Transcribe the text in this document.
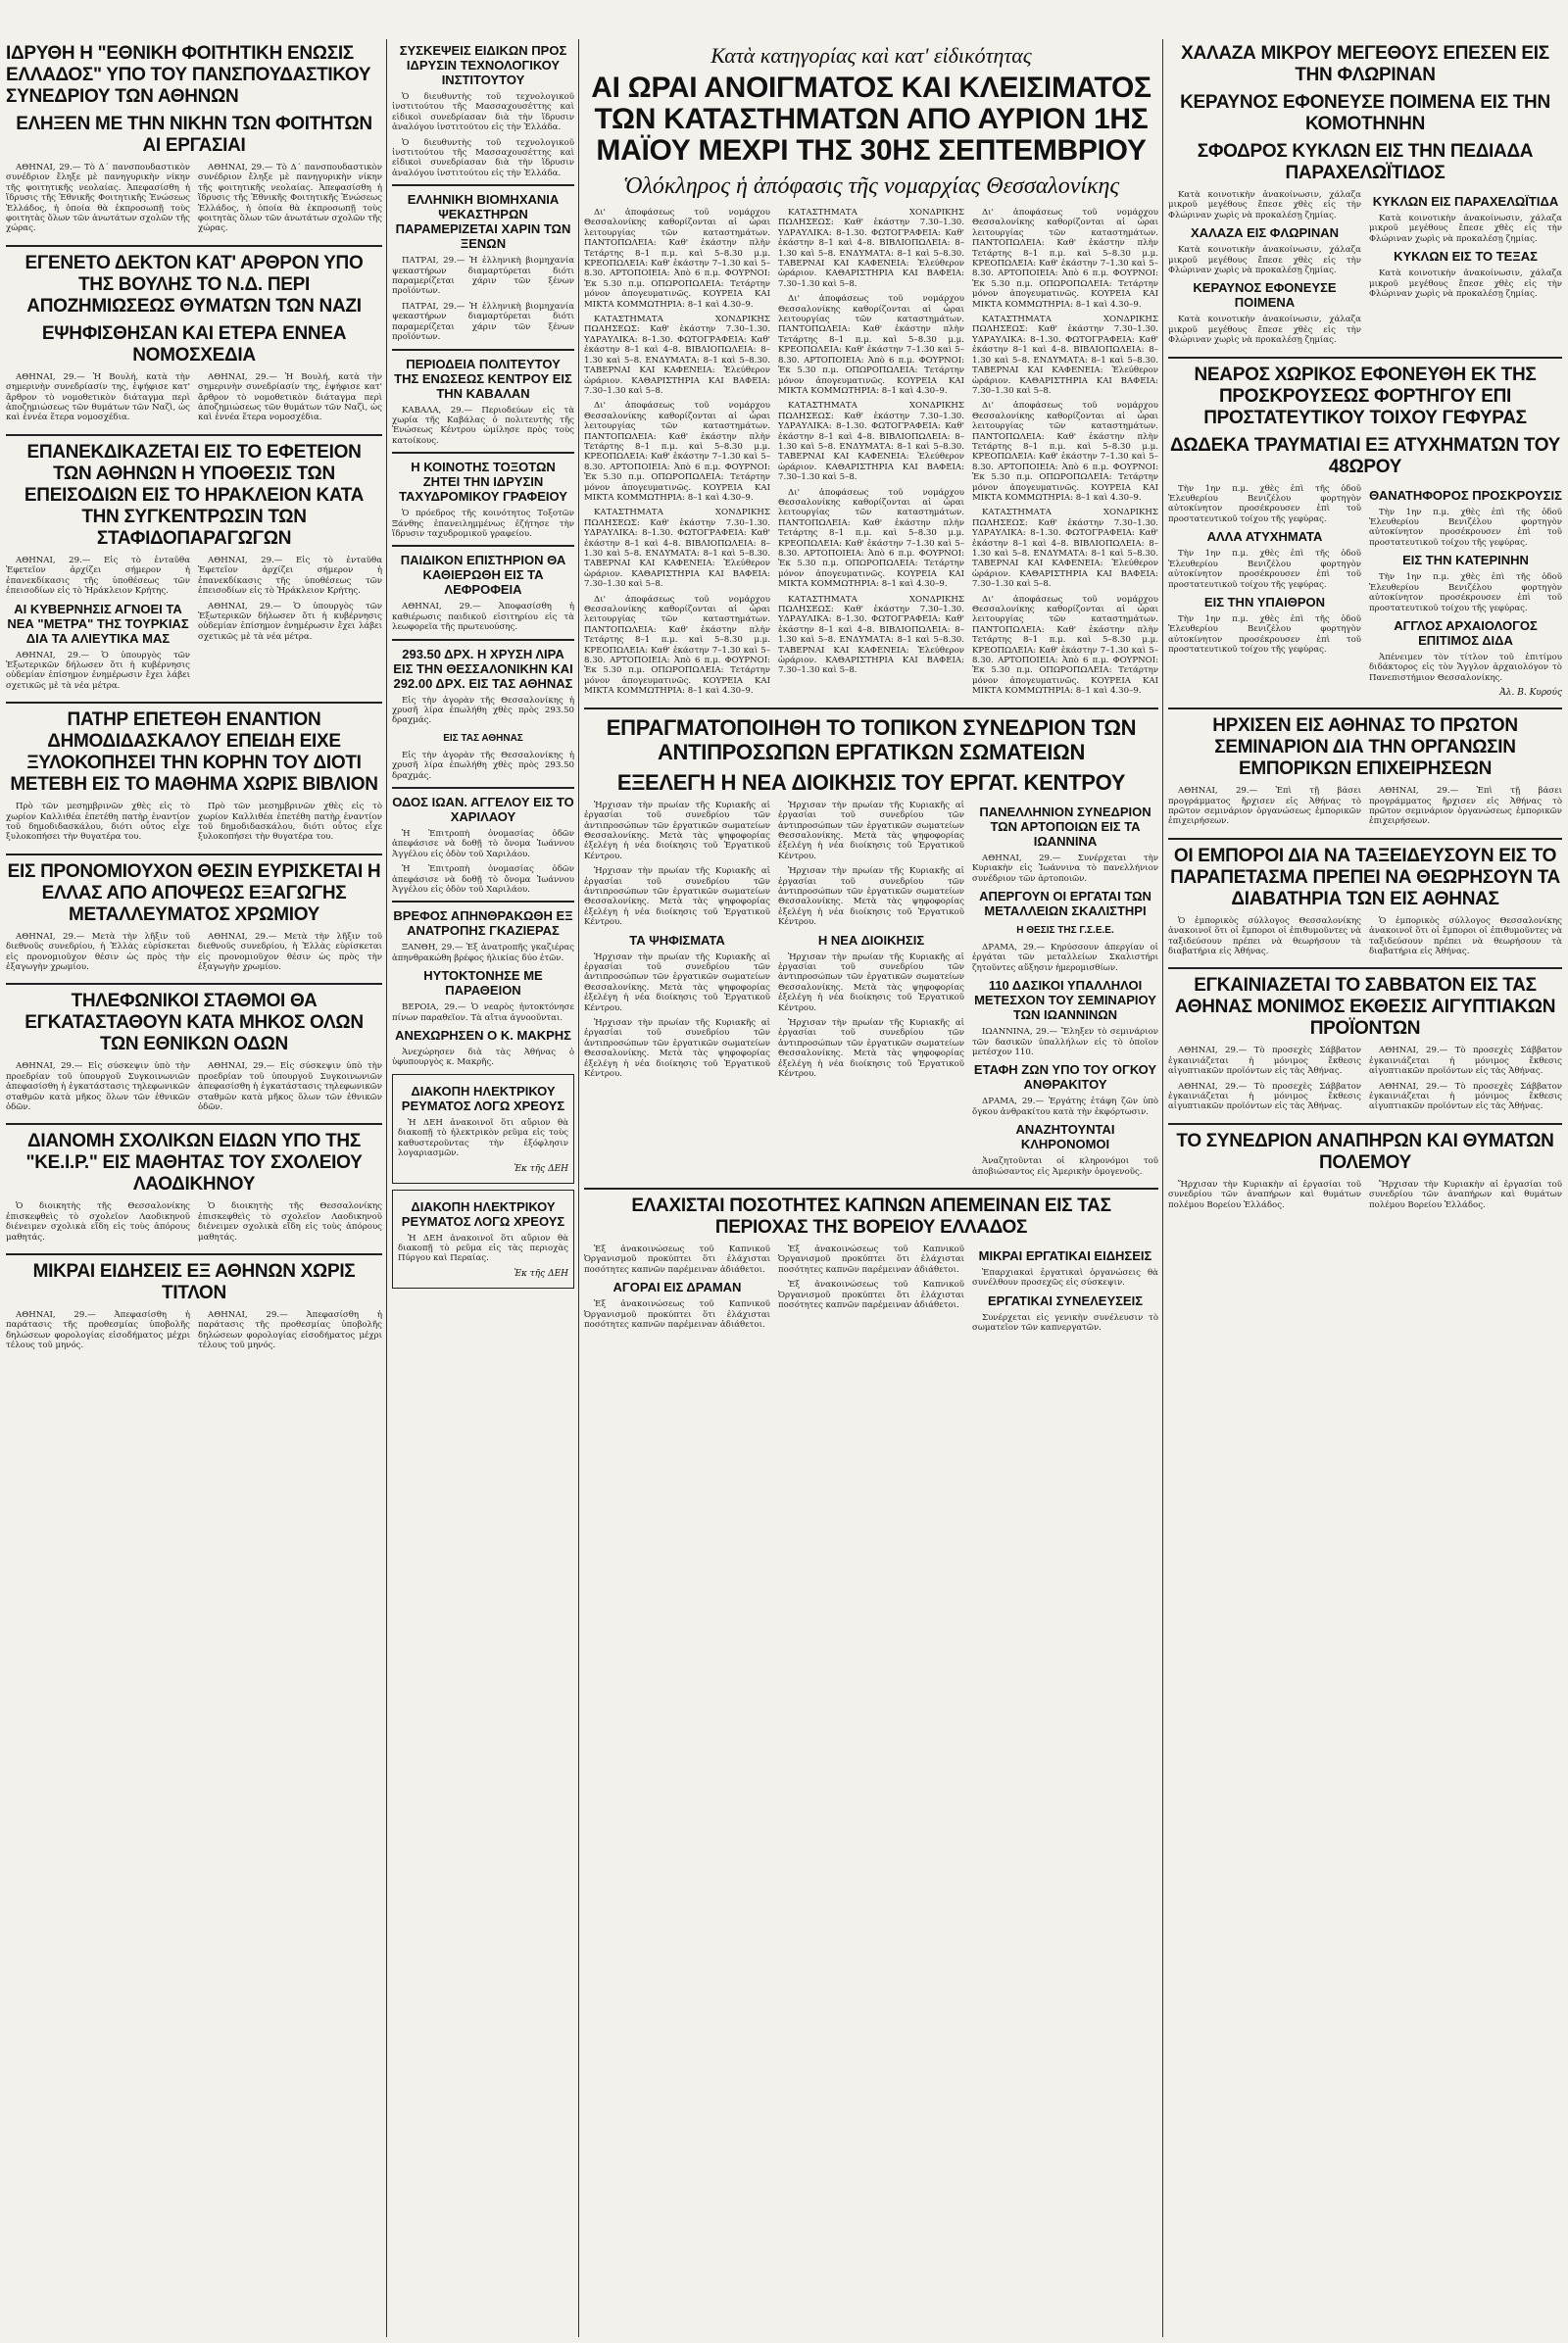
ΙΔΡΥΘΗ Η "ΕΘΝΙΚΗ ΦΟΙΤΗΤΙΚΗ ΕΝΩΣΙΣ ΕΛΛΑΔΟΣ" ΥΠΟ ΤΟΥ ΠΑΝΣΠΟΥΔΑΣΤΙΚΟΥ ΣΥΝΕΔΡΙΟΥ ΤΩΝ ΑΘΗΝΩΝ
ΕΛΗΞΕΝ ΜΕ ΤΗΝ ΝΙΚΗΝ ΤΩΝ ΦΟΙΤΗΤΩΝ ΑΙ ΕΡΓΑΣΙΑΙ

ΑΘΗΝΑΙ, 29.— Τὸ Δ΄ πανσπουδαστικὸν συνέδριον ἔληξε μὲ πανηγυρικὴν νίκην τῆς φοιτητικῆς νεολαίας. Ἀπεφασίσθη ἡ ἵδρυσις τῆς Ἐθνικῆς Φοιτητικῆς Ἑνώσεως Ἑλλάδος, ἡ ὁποία θὰ ἐκπροσωπῇ τοὺς φοιτητὰς ὅλων τῶν ἀνωτάτων σχολῶν τῆς χώρας.

ΑΘΗΝΑΙ, 29.— Τὸ Δ΄ πανσπουδαστικὸν συνέδριον ἔληξε μὲ πανηγυρικὴν νίκην τῆς φοιτητικῆς νεολαίας. Ἀπεφασίσθη ἡ ἵδρυσις τῆς Ἐθνικῆς Φοιτητικῆς Ἑνώσεως Ἑλλάδος, ἡ ὁποία θὰ ἐκπροσωπῇ τοὺς φοιτητὰς ὅλων τῶν ἀνωτάτων σχολῶν τῆς χώρας.

ΕΓΕΝΕΤΟ ΔΕΚΤΟΝ ΚΑΤ' ΑΡΘΡΟΝ ΥΠΟ ΤΗΣ ΒΟΥΛΗΣ ΤΟ Ν.Δ. ΠΕΡΙ ΑΠΟΖΗΜΙΩΣΕΩΣ ΘΥΜΑΤΩΝ ΤΩΝ ΝΑΖΙ
ΕΨΗΦΙΣΘΗΣΑΝ ΚΑΙ ΕΤΕΡΑ ΕΝΝΕΑ ΝΟΜΟΣΧΕΔΙΑ

ΑΘΗΝΑΙ, 29.— Ἡ Βουλή, κατὰ τὴν σημερινὴν συνεδρίασίν της, ἐψήφισε κατ' ἄρθρον τὸ νομοθετικὸν διάταγμα περὶ ἀποζημιώσεως τῶν θυμάτων τῶν Ναζὶ, ὡς καὶ ἐννέα ἕτερα νομοσχέδια.

ΑΘΗΝΑΙ, 29.— Ἡ Βουλή, κατὰ τὴν σημερινὴν συνεδρίασίν της, ἐψήφισε κατ' ἄρθρον τὸ νομοθετικὸν διάταγμα περὶ ἀποζημιώσεως τῶν θυμάτων τῶν Ναζὶ, ὡς καὶ ἐννέα ἕτερα νομοσχέδια.

ΕΠΑΝΕΚΔΙΚΑΖΕΤΑΙ ΕΙΣ ΤΟ ΕΦΕΤΕΙΟΝ ΤΩΝ ΑΘΗΝΩΝ Η ΥΠΟΘΕΣΙΣ ΤΩΝ ΕΠΕΙΣΟΔΙΩΝ ΕΙΣ ΤΟ ΗΡΑΚΛΕΙΟΝ ΚΑΤΑ ΤΗΝ ΣΥΓΚΕΝΤΡΩΣΙΝ ΤΩΝ ΣΤΑΦΙΔΟΠΑΡΑΓΩΓΩΝ

ΑΘΗΝΑΙ, 29.— Εἰς τὸ ἐνταῦθα Ἐφετεῖον ἀρχίζει σήμερον ἡ ἐπανεκδίκασις τῆς ὑποθέσεως τῶν ἐπεισοδίων εἰς τὸ Ἡράκλειον Κρήτης.

ΑΙ ΚΥΒΕΡΝΗΣΙΣ ΑΓΝΟΕΙ ΤΑ ΝΕΑ "ΜΕΤΡΑ" ΤΗΣ ΤΟΥΡΚΙΑΣ ΔΙΑ ΤΑ ΑΛΙΕΥΤΙΚΑ ΜΑΣ

ΑΘΗΝΑΙ, 29.— Ὁ ὑπουργὸς τῶν Ἐξωτερικῶν δήλωσεν ὅτι ἡ κυβέρνησις οὐδεμίαν ἐπίσημον ἐνημέρωσιν ἔχει λάβει σχετικῶς μὲ τὰ νέα μέτρα.

ΑΘΗΝΑΙ, 29.— Εἰς τὸ ἐνταῦθα Ἐφετεῖον ἀρχίζει σήμερον ἡ ἐπανεκδίκασις τῆς ὑποθέσεως τῶν ἐπεισοδίων εἰς τὸ Ἡράκλειον Κρήτης.

ΑΘΗΝΑΙ, 29.— Ὁ ὑπουργὸς τῶν Ἐξωτερικῶν δήλωσεν ὅτι ἡ κυβέρνησις οὐδεμίαν ἐπίσημον ἐνημέρωσιν ἔχει λάβει σχετικῶς μὲ τὰ νέα μέτρα.

ΠΑΤΗΡ ΕΠΕΤΕΘΗ ΕΝΑΝΤΙΟΝ ΔΗΜΟΔΙΔΑΣΚΑΛΟΥ ΕΠΕΙΔΗ ΕΙΧΕ ΞΥΛΟΚΟΠΗΣΕΙ ΤΗΝ ΚΟΡΗΝ ΤΟΥ ΔΙΟΤΙ ΜΕΤΕΒΗ ΕΙΣ ΤΟ ΜΑΘΗΜΑ ΧΩΡΙΣ ΒΙΒΛΙΟΝ

Πρὸ τῶν μεσημβρινῶν χθὲς εἰς τὸ χωρίον Καλλιθέα ἐπετέθη πατὴρ ἐναντίον τοῦ δημοδιδασκάλου, διότι οὗτος εἶχε ξυλοκοπήσει τὴν θυγατέρα του.

Πρὸ τῶν μεσημβρινῶν χθὲς εἰς τὸ χωρίον Καλλιθέα ἐπετέθη πατὴρ ἐναντίον τοῦ δημοδιδασκάλου, διότι οὗτος εἶχε ξυλοκοπήσει τὴν θυγατέρα του.

ΕΙΣ ΠΡΟΝΟΜΙΟΥΧΟΝ ΘΕΣΙΝ ΕΥΡΙΣΚΕΤΑΙ Η ΕΛΛΑΣ ΑΠΟ ΑΠΟΨΕΩΣ ΕΞΑΓΩΓΗΣ ΜΕΤΑΛΛΕΥΜΑΤΟΣ ΧΡΩΜΙΟΥ

ΑΘΗΝΑΙ, 29.— Μετὰ τὴν λῆξιν τοῦ διεθνοῦς συνεδρίου, ἡ Ἑλλὰς εὑρίσκεται εἰς προνομιοῦχον θέσιν ὡς πρὸς τὴν ἐξαγωγὴν χρωμίου.

ΑΘΗΝΑΙ, 29.— Μετὰ τὴν λῆξιν τοῦ διεθνοῦς συνεδρίου, ἡ Ἑλλὰς εὑρίσκεται εἰς προνομιοῦχον θέσιν ὡς πρὸς τὴν ἐξαγωγὴν χρωμίου.

ΤΗΛΕΦΩΝΙΚΟΙ ΣΤΑΘΜΟΙ ΘΑ ΕΓΚΑΤΑΣΤΑΘΟΥΝ ΚΑΤΑ ΜΗΚΟΣ ΟΛΩΝ ΤΩΝ ΕΘΝΙΚΩΝ ΟΔΩΝ

ΑΘΗΝΑΙ, 29.— Εἰς σύσκεψιν ὑπὸ τὴν προεδρίαν τοῦ ὑπουργοῦ Συγκοινωνιῶν ἀπεφασίσθη ἡ ἐγκατάστασις τηλεφωνικῶν σταθμῶν κατὰ μῆκος ὅλων τῶν ἐθνικῶν ὁδῶν.

ΑΘΗΝΑΙ, 29.— Εἰς σύσκεψιν ὑπὸ τὴν προεδρίαν τοῦ ὑπουργοῦ Συγκοινωνιῶν ἀπεφασίσθη ἡ ἐγκατάστασις τηλεφωνικῶν σταθμῶν κατὰ μῆκος ὅλων τῶν ἐθνικῶν ὁδῶν.

ΔΙΑΝΟΜΗ ΣΧΟΛΙΚΩΝ ΕΙΔΩΝ ΥΠΟ ΤΗΣ "ΚΕ.Ι.Ρ." ΕΙΣ ΜΑΘΗΤΑΣ ΤΟΥ ΣΧΟΛΕΙΟΥ ΛΑΟΔΙΚΗΝΟΥ

Ὁ διοικητὴς τῆς Θεσσαλονίκης ἐπισκεφθεὶς τὸ σχολεῖον Λαοδικηνοῦ διένειμεν σχολικὰ εἴδη εἰς τοὺς ἀπόρους μαθητάς.

Ὁ διοικητὴς τῆς Θεσσαλονίκης ἐπισκεφθεὶς τὸ σχολεῖον Λαοδικηνοῦ διένειμεν σχολικὰ εἴδη εἰς τοὺς ἀπόρους μαθητάς.

ΜΙΚΡΑΙ ΕΙΔΗΣΕΙΣ ΕΞ ΑΘΗΝΩΝ ΧΩΡΙΣ ΤΙΤΛΟΝ

ΑΘΗΝΑΙ, 29.— Ἀπεφασίσθη ἡ παράτασις τῆς προθεσμίας ὑποβολῆς δηλώσεων φορολογίας εἰσοδήματος μέχρι τέλους τοῦ μηνός.

ΑΘΗΝΑΙ, 29.— Ἀπεφασίσθη ἡ παράτασις τῆς προθεσμίας ὑποβολῆς δηλώσεων φορολογίας εἰσοδήματος μέχρι τέλους τοῦ μηνός.

ΣΥΣΚΕΨΕΙΣ ΕΙΔΙΚΩΝ ΠΡΟΣ ΙΔΡΥΣΙΝ ΤΕΧΝΟΛΟΓΙΚΟΥ ΙΝΣΤΙΤΟΥΤΟΥ

Ὁ διευθυντὴς τοῦ τεχνολογικοῦ ἰνστιτούτου τῆς Μασσαχουσέττης καὶ εἰδικοὶ συνεδρίασαν διὰ τὴν ἵδρυσιν ἀναλόγου ἰνστιτούτου εἰς τὴν Ἑλλάδα.

Ὁ διευθυντὴς τοῦ τεχνολογικοῦ ἰνστιτούτου τῆς Μασσαχουσέττης καὶ εἰδικοὶ συνεδρίασαν διὰ τὴν ἵδρυσιν ἀναλόγου ἰνστιτούτου εἰς τὴν Ἑλλάδα.

ΕΛΛΗΝΙΚΗ ΒΙΟΜΗΧΑΝΙΑ ΨΕΚΑΣΤΗΡΩΝ ΠΑΡΑΜΕΡΙΖΕΤΑΙ ΧΑΡΙΝ ΤΩΝ ΞΕΝΩΝ

ΠΑΤΡΑΙ, 29.— Ἡ ἑλληνικὴ βιομηχανία ψεκαστήρων διαμαρτύρεται διότι παραμερίζεται χάριν τῶν ξένων προϊόντων.

ΠΑΤΡΑΙ, 29.— Ἡ ἑλληνικὴ βιομηχανία ψεκαστήρων διαμαρτύρεται διότι παραμερίζεται χάριν τῶν ξένων προϊόντων.

ΠΕΡΙΟΔΕΙΑ ΠΟΛΙΤΕΥΤΟΥ ΤΗΣ ΕΝΩΣΕΩΣ ΚΕΝΤΡΟΥ ΕΙΣ ΤΗΝ ΚΑΒΑΛΑΝ

ΚΑΒΑΛΑ, 29.— Περιοδεύων εἰς τὰ χωρία τῆς Καβάλας ὁ πολιτευτὴς τῆς Ἐνώσεως Κέντρου ὡμίλησε πρὸς τοὺς κατοίκους.

Η ΚΟΙΝΟΤΗΣ ΤΟΞΟΤΩΝ ΖΗΤΕΙ ΤΗΝ ΙΔΡΥΣΙΝ ΤΑΧΥΔΡΟΜΙΚΟΥ ΓΡΑΦΕΙΟΥ

Ὁ πρόεδρος τῆς κοινότητος Τοξοτῶν Ξάνθης ἐπανειλημμένως ἐζήτησε τὴν ἵδρυσιν ταχυδρομικοῦ γραφείου.

ΠΑΙΔΙΚΟΝ ΕΠΙΣΤΗΡΙΟΝ ΘΑ ΚΑΘΙΕΡΩΘΗ ΕΙΣ ΤΑ ΛΕΦΡΟΦΕΙΑ

ΑΘΗΝΑΙ, 29.— Ἀποφασίσθη ἡ καθιέρωσις παιδικοῦ εἰσιτηρίου εἰς τὰ λεωφορεῖα τῆς πρωτευούσης.

293.50 ΔΡΧ. Η ΧΡΥΣΗ ΛΙΡΑ ΕΙΣ ΤΗΝ ΘΕΣΣΑΛΟΝΙΚΗΝ ΚΑΙ 292.00 ΔΡΧ. ΕΙΣ ΤΑΣ ΑΘΗΝΑΣ

Εἰς τὴν ἀγορὰν τῆς Θεσσαλονίκης ἡ χρυσῆ λίρα ἐπωλήθη χθὲς πρὸς 293.50 δραχμάς.

ΕΙΣ ΤΑΣ ΑΘΗΝΑΣ

Εἰς τὴν ἀγορὰν τῆς Θεσσαλονίκης ἡ χρυσῆ λίρα ἐπωλήθη χθὲς πρὸς 293.50 δραχμάς.

ΟΔΟΣ ΙΩΑΝ. ΑΓΓΕΛΟΥ ΕΙΣ ΤΟ ΧΑΡΙΛΑΟΥ

Ἡ Ἐπιτροπὴ ὀνομασίας ὁδῶν ἀπεφάσισε νὰ δοθῇ τὸ ὄνομα Ἰωάννου Ἀγγέλου εἰς ὁδὸν τοῦ Χαριλάου.

Ἡ Ἐπιτροπὴ ὀνομασίας ὁδῶν ἀπεφάσισε νὰ δοθῇ τὸ ὄνομα Ἰωάννου Ἀγγέλου εἰς ὁδὸν τοῦ Χαριλάου.

ΒΡΕΦΟΣ ΑΠΗΝΘΡΑΚΩΘΗ ΕΞ ΑΝΑΤΡΟΠΗΣ ΓΚΑΖΙΕΡΑΣ

ΞΑΝΘΗ, 29.— Ἐξ ἀνατροπῆς γκαζιέρας ἀπηνθρακώθη βρέφος ἡλικίας δύο ἐτῶν.

ΗΥΤΟΚΤΟΝΗΣΕ ΜΕ ΠΑΡΑΘΕΙΟΝ

ΒΕΡΟΙΑ, 29.— Ὁ νεαρὸς ἠυτοκτόνησε πίνων παραθεῖον. Τὰ αἴτια ἀγνοοῦνται.

ΑΝΕΧΩΡΗΣΕΝ Ο Κ. ΜΑΚΡΗΣ

Ἀνεχώρησεν διὰ τὰς Ἀθήνας ὁ ὑφυπουργὸς κ. Μακρῆς.

ΔΙΑΚΟΠΗ ΗΛΕΚΤΡΙΚΟΥ ΡΕΥΜΑΤΟΣ ΛΟΓΩ ΧΡΕΟΥΣ

Ἡ ΔΕΗ ἀνακοινοῖ ὅτι αὔριον θὰ διακοπῇ τὸ ἠλεκτρικὸν ρεῦμα εἰς τοὺς καθυστεροῦντας τὴν ἐξόφλησιν λογαριασμῶν.

Ἐκ τῆς ΔΕΗ
ΔΙΑΚΟΠΗ ΗΛΕΚΤΡΙΚΟΥ ΡΕΥΜΑΤΟΣ ΛΟΓΩ ΧΡΕΟΥΣ

Ἡ ΔΕΗ ἀνακοινοῖ ὅτι αὔριον θὰ διακοπῇ τὸ ρεῦμα εἰς τὰς περιοχὰς Πύργου καὶ Περαίας.

Ἐκ τῆς ΔΕΗ
Κατὰ κατηγορίας καὶ κατ' εἰδικότητας
ΑΙ ΩΡΑΙ ΑΝΟΙΓΜΑΤΟΣ ΚΑΙ ΚΛΕΙΣΙΜΑΤΟΣ ΤΩΝ ΚΑΤΑΣΤΗΜΑΤΩΝ ΑΠΟ ΑΥΡΙΟΝ 1ΗΣ ΜΑΪΟΥ ΜΕΧΡΙ ΤΗΣ 30ΗΣ ΣΕΠΤΕΜΒΡΙΟΥ
Ὁλόκληρος ἡ ἀπόφασις τῆς νομαρχίας Θεσσαλονίκης

Δι' ἀποφάσεως τοῦ νομάρχου Θεσσαλονίκης καθορίζονται αἱ ὧραι λειτουργίας τῶν καταστημάτων. ΠΑΝΤΟΠΩΛΕΙΑ: Καθ' ἑκάστην πλὴν Τετάρτης 8–1 π.μ. καὶ 5–8.30 μ.μ. ΚΡΕΟΠΩΛΕΙΑ: Καθ' ἑκάστην 7–1.30 καὶ 5–8.30. ΑΡΤΟΠΟΙΕΙΑ: Ἀπὸ 6 π.μ. ΦΟΥΡΝΟΙ: Ἐκ 5.30 π.μ. ΟΠΩΡΟΠΩΛΕΙΑ: Τετάρτην μόνον ἀπογευματινῶς. ΚΟΥΡΕΙΑ ΚΑΙ ΜΙΚΤΑ ΚΟΜΜΩΤΗΡΙΑ: 8–1 καὶ 4.30–9.

ΚΑΤΑΣΤΗΜΑΤΑ ΧΟΝΔΡΙΚΗΣ ΠΩΛΗΣΕΩΣ: Καθ' ἑκάστην 7.30–1.30. ΥΔΡΑΥΛΙΚΑ: 8–1.30. ΦΩΤΟΓΡΑΦΕΙΑ: Καθ' ἑκάστην 8–1 καὶ 4–8. ΒΙΒΛΙΟΠΩΛΕΙΑ: 8–1.30 καὶ 5–8. ΕΝΔΥΜΑΤΑ: 8–1 καὶ 5–8.30. ΤΑΒΕΡΝΑΙ ΚΑΙ ΚΑΦΕΝΕΙΑ: Ἐλεύθερον ὡράριον. ΚΑΘΑΡΙΣΤΗΡΙΑ ΚΑΙ ΒΑΦΕΙΑ: 7.30–1.30 καὶ 5–8.

Δι' ἀποφάσεως τοῦ νομάρχου Θεσσαλονίκης καθορίζονται αἱ ὧραι λειτουργίας τῶν καταστημάτων. ΠΑΝΤΟΠΩΛΕΙΑ: Καθ' ἑκάστην πλὴν Τετάρτης 8–1 π.μ. καὶ 5–8.30 μ.μ. ΚΡΕΟΠΩΛΕΙΑ: Καθ' ἑκάστην 7–1.30 καὶ 5–8.30. ΑΡΤΟΠΟΙΕΙΑ: Ἀπὸ 6 π.μ. ΦΟΥΡΝΟΙ: Ἐκ 5.30 π.μ. ΟΠΩΡΟΠΩΛΕΙΑ: Τετάρτην μόνον ἀπογευματινῶς. ΚΟΥΡΕΙΑ ΚΑΙ ΜΙΚΤΑ ΚΟΜΜΩΤΗΡΙΑ: 8–1 καὶ 4.30–9.

ΚΑΤΑΣΤΗΜΑΤΑ ΧΟΝΔΡΙΚΗΣ ΠΩΛΗΣΕΩΣ: Καθ' ἑκάστην 7.30–1.30. ΥΔΡΑΥΛΙΚΑ: 8–1.30. ΦΩΤΟΓΡΑΦΕΙΑ: Καθ' ἑκάστην 8–1 καὶ 4–8. ΒΙΒΛΙΟΠΩΛΕΙΑ: 8–1.30 καὶ 5–8. ΕΝΔΥΜΑΤΑ: 8–1 καὶ 5–8.30. ΤΑΒΕΡΝΑΙ ΚΑΙ ΚΑΦΕΝΕΙΑ: Ἐλεύθερον ὡράριον. ΚΑΘΑΡΙΣΤΗΡΙΑ ΚΑΙ ΒΑΦΕΙΑ: 7.30–1.30 καὶ 5–8.

Δι' ἀποφάσεως τοῦ νομάρχου Θεσσαλονίκης καθορίζονται αἱ ὧραι λειτουργίας τῶν καταστημάτων. ΠΑΝΤΟΠΩΛΕΙΑ: Καθ' ἑκάστην πλὴν Τετάρτης 8–1 π.μ. καὶ 5–8.30 μ.μ. ΚΡΕΟΠΩΛΕΙΑ: Καθ' ἑκάστην 7–1.30 καὶ 5–8.30. ΑΡΤΟΠΟΙΕΙΑ: Ἀπὸ 6 π.μ. ΦΟΥΡΝΟΙ: Ἐκ 5.30 π.μ. ΟΠΩΡΟΠΩΛΕΙΑ: Τετάρτην μόνον ἀπογευματινῶς. ΚΟΥΡΕΙΑ ΚΑΙ ΜΙΚΤΑ ΚΟΜΜΩΤΗΡΙΑ: 8–1 καὶ 4.30–9.

ΚΑΤΑΣΤΗΜΑΤΑ ΧΟΝΔΡΙΚΗΣ ΠΩΛΗΣΕΩΣ: Καθ' ἑκάστην 7.30–1.30. ΥΔΡΑΥΛΙΚΑ: 8–1.30. ΦΩΤΟΓΡΑΦΕΙΑ: Καθ' ἑκάστην 8–1 καὶ 4–8. ΒΙΒΛΙΟΠΩΛΕΙΑ: 8–1.30 καὶ 5–8. ΕΝΔΥΜΑΤΑ: 8–1 καὶ 5–8.30. ΤΑΒΕΡΝΑΙ ΚΑΙ ΚΑΦΕΝΕΙΑ: Ἐλεύθερον ὡράριον. ΚΑΘΑΡΙΣΤΗΡΙΑ ΚΑΙ ΒΑΦΕΙΑ: 7.30–1.30 καὶ 5–8.

Δι' ἀποφάσεως τοῦ νομάρχου Θεσσαλονίκης καθορίζονται αἱ ὧραι λειτουργίας τῶν καταστημάτων. ΠΑΝΤΟΠΩΛΕΙΑ: Καθ' ἑκάστην πλὴν Τετάρτης 8–1 π.μ. καὶ 5–8.30 μ.μ. ΚΡΕΟΠΩΛΕΙΑ: Καθ' ἑκάστην 7–1.30 καὶ 5–8.30. ΑΡΤΟΠΟΙΕΙΑ: Ἀπὸ 6 π.μ. ΦΟΥΡΝΟΙ: Ἐκ 5.30 π.μ. ΟΠΩΡΟΠΩΛΕΙΑ: Τετάρτην μόνον ἀπογευματινῶς. ΚΟΥΡΕΙΑ ΚΑΙ ΜΙΚΤΑ ΚΟΜΜΩΤΗΡΙΑ: 8–1 καὶ 4.30–9.

ΚΑΤΑΣΤΗΜΑΤΑ ΧΟΝΔΡΙΚΗΣ ΠΩΛΗΣΕΩΣ: Καθ' ἑκάστην 7.30–1.30. ΥΔΡΑΥΛΙΚΑ: 8–1.30. ΦΩΤΟΓΡΑΦΕΙΑ: Καθ' ἑκάστην 8–1 καὶ 4–8. ΒΙΒΛΙΟΠΩΛΕΙΑ: 8–1.30 καὶ 5–8. ΕΝΔΥΜΑΤΑ: 8–1 καὶ 5–8.30. ΤΑΒΕΡΝΑΙ ΚΑΙ ΚΑΦΕΝΕΙΑ: Ἐλεύθερον ὡράριον. ΚΑΘΑΡΙΣΤΗΡΙΑ ΚΑΙ ΒΑΦΕΙΑ: 7.30–1.30 καὶ 5–8.

Δι' ἀποφάσεως τοῦ νομάρχου Θεσσαλονίκης καθορίζονται αἱ ὧραι λειτουργίας τῶν καταστημάτων. ΠΑΝΤΟΠΩΛΕΙΑ: Καθ' ἑκάστην πλὴν Τετάρτης 8–1 π.μ. καὶ 5–8.30 μ.μ. ΚΡΕΟΠΩΛΕΙΑ: Καθ' ἑκάστην 7–1.30 καὶ 5–8.30. ΑΡΤΟΠΟΙΕΙΑ: Ἀπὸ 6 π.μ. ΦΟΥΡΝΟΙ: Ἐκ 5.30 π.μ. ΟΠΩΡΟΠΩΛΕΙΑ: Τετάρτην μόνον ἀπογευματινῶς. ΚΟΥΡΕΙΑ ΚΑΙ ΜΙΚΤΑ ΚΟΜΜΩΤΗΡΙΑ: 8–1 καὶ 4.30–9.

ΚΑΤΑΣΤΗΜΑΤΑ ΧΟΝΔΡΙΚΗΣ ΠΩΛΗΣΕΩΣ: Καθ' ἑκάστην 7.30–1.30. ΥΔΡΑΥΛΙΚΑ: 8–1.30. ΦΩΤΟΓΡΑΦΕΙΑ: Καθ' ἑκάστην 8–1 καὶ 4–8. ΒΙΒΛΙΟΠΩΛΕΙΑ: 8–1.30 καὶ 5–8. ΕΝΔΥΜΑΤΑ: 8–1 καὶ 5–8.30. ΤΑΒΕΡΝΑΙ ΚΑΙ ΚΑΦΕΝΕΙΑ: Ἐλεύθερον ὡράριον. ΚΑΘΑΡΙΣΤΗΡΙΑ ΚΑΙ ΒΑΦΕΙΑ: 7.30–1.30 καὶ 5–8.

Δι' ἀποφάσεως τοῦ νομάρχου Θεσσαλονίκης καθορίζονται αἱ ὧραι λειτουργίας τῶν καταστημάτων. ΠΑΝΤΟΠΩΛΕΙΑ: Καθ' ἑκάστην πλὴν Τετάρτης 8–1 π.μ. καὶ 5–8.30 μ.μ. ΚΡΕΟΠΩΛΕΙΑ: Καθ' ἑκάστην 7–1.30 καὶ 5–8.30. ΑΡΤΟΠΟΙΕΙΑ: Ἀπὸ 6 π.μ. ΦΟΥΡΝΟΙ: Ἐκ 5.30 π.μ. ΟΠΩΡΟΠΩΛΕΙΑ: Τετάρτην μόνον ἀπογευματινῶς. ΚΟΥΡΕΙΑ ΚΑΙ ΜΙΚΤΑ ΚΟΜΜΩΤΗΡΙΑ: 8–1 καὶ 4.30–9.

ΚΑΤΑΣΤΗΜΑΤΑ ΧΟΝΔΡΙΚΗΣ ΠΩΛΗΣΕΩΣ: Καθ' ἑκάστην 7.30–1.30. ΥΔΡΑΥΛΙΚΑ: 8–1.30. ΦΩΤΟΓΡΑΦΕΙΑ: Καθ' ἑκάστην 8–1 καὶ 4–8. ΒΙΒΛΙΟΠΩΛΕΙΑ: 8–1.30 καὶ 5–8. ΕΝΔΥΜΑΤΑ: 8–1 καὶ 5–8.30. ΤΑΒΕΡΝΑΙ ΚΑΙ ΚΑΦΕΝΕΙΑ: Ἐλεύθερον ὡράριον. ΚΑΘΑΡΙΣΤΗΡΙΑ ΚΑΙ ΒΑΦΕΙΑ: 7.30–1.30 καὶ 5–8.

Δι' ἀποφάσεως τοῦ νομάρχου Θεσσαλονίκης καθορίζονται αἱ ὧραι λειτουργίας τῶν καταστημάτων. ΠΑΝΤΟΠΩΛΕΙΑ: Καθ' ἑκάστην πλὴν Τετάρτης 8–1 π.μ. καὶ 5–8.30 μ.μ. ΚΡΕΟΠΩΛΕΙΑ: Καθ' ἑκάστην 7–1.30 καὶ 5–8.30. ΑΡΤΟΠΟΙΕΙΑ: Ἀπὸ 6 π.μ. ΦΟΥΡΝΟΙ: Ἐκ 5.30 π.μ. ΟΠΩΡΟΠΩΛΕΙΑ: Τετάρτην μόνον ἀπογευματινῶς. ΚΟΥΡΕΙΑ ΚΑΙ ΜΙΚΤΑ ΚΟΜΜΩΤΗΡΙΑ: 8–1 καὶ 4.30–9.

ΚΑΤΑΣΤΗΜΑΤΑ ΧΟΝΔΡΙΚΗΣ ΠΩΛΗΣΕΩΣ: Καθ' ἑκάστην 7.30–1.30. ΥΔΡΑΥΛΙΚΑ: 8–1.30. ΦΩΤΟΓΡΑΦΕΙΑ: Καθ' ἑκάστην 8–1 καὶ 4–8. ΒΙΒΛΙΟΠΩΛΕΙΑ: 8–1.30 καὶ 5–8. ΕΝΔΥΜΑΤΑ: 8–1 καὶ 5–8.30. ΤΑΒΕΡΝΑΙ ΚΑΙ ΚΑΦΕΝΕΙΑ: Ἐλεύθερον ὡράριον. ΚΑΘΑΡΙΣΤΗΡΙΑ ΚΑΙ ΒΑΦΕΙΑ: 7.30–1.30 καὶ 5–8.

Δι' ἀποφάσεως τοῦ νομάρχου Θεσσαλονίκης καθορίζονται αἱ ὧραι λειτουργίας τῶν καταστημάτων. ΠΑΝΤΟΠΩΛΕΙΑ: Καθ' ἑκάστην πλὴν Τετάρτης 8–1 π.μ. καὶ 5–8.30 μ.μ. ΚΡΕΟΠΩΛΕΙΑ: Καθ' ἑκάστην 7–1.30 καὶ 5–8.30. ΑΡΤΟΠΟΙΕΙΑ: Ἀπὸ 6 π.μ. ΦΟΥΡΝΟΙ: Ἐκ 5.30 π.μ. ΟΠΩΡΟΠΩΛΕΙΑ: Τετάρτην μόνον ἀπογευματινῶς. ΚΟΥΡΕΙΑ ΚΑΙ ΜΙΚΤΑ ΚΟΜΜΩΤΗΡΙΑ: 8–1 καὶ 4.30–9.

ΕΠΡΑΓΜΑΤΟΠΟΙΗΘΗ ΤΟ ΤΟΠΙΚΟΝ ΣΥΝΕΔΡΙΟΝ ΤΩΝ ΑΝΤΙΠΡΟΣΩΠΩΝ ΕΡΓΑΤΙΚΩΝ ΣΩΜΑΤΕΙΩΝ
ΕΞΕΛΕΓΗ Η ΝΕΑ ΔΙΟΙΚΗΣΙΣ ΤΟΥ ΕΡΓΑΤ. ΚΕΝΤΡΟΥ

Ἠρχισαν τὴν πρωίαν τῆς Κυριακῆς αἱ ἐργασίαι τοῦ συνεδρίου τῶν ἀντιπροσώπων τῶν ἐργατικῶν σωματείων Θεσσαλονίκης. Μετὰ τὰς ψηφοφορίας ἐξελέγη ἡ νέα διοίκησις τοῦ Ἐργατικοῦ Κέντρου.

Ἠρχισαν τὴν πρωίαν τῆς Κυριακῆς αἱ ἐργασίαι τοῦ συνεδρίου τῶν ἀντιπροσώπων τῶν ἐργατικῶν σωματείων Θεσσαλονίκης. Μετὰ τὰς ψηφοφορίας ἐξελέγη ἡ νέα διοίκησις τοῦ Ἐργατικοῦ Κέντρου.

ΤΑ ΨΗΦΙΣΜΑΤΑ

Ἠρχισαν τὴν πρωίαν τῆς Κυριακῆς αἱ ἐργασίαι τοῦ συνεδρίου τῶν ἀντιπροσώπων τῶν ἐργατικῶν σωματείων Θεσσαλονίκης. Μετὰ τὰς ψηφοφορίας ἐξελέγη ἡ νέα διοίκησις τοῦ Ἐργατικοῦ Κέντρου.

Ἠρχισαν τὴν πρωίαν τῆς Κυριακῆς αἱ ἐργασίαι τοῦ συνεδρίου τῶν ἀντιπροσώπων τῶν ἐργατικῶν σωματείων Θεσσαλονίκης. Μετὰ τὰς ψηφοφορίας ἐξελέγη ἡ νέα διοίκησις τοῦ Ἐργατικοῦ Κέντρου.

Ἠρχισαν τὴν πρωίαν τῆς Κυριακῆς αἱ ἐργασίαι τοῦ συνεδρίου τῶν ἀντιπροσώπων τῶν ἐργατικῶν σωματείων Θεσσαλονίκης. Μετὰ τὰς ψηφοφορίας ἐξελέγη ἡ νέα διοίκησις τοῦ Ἐργατικοῦ Κέντρου.

Ἠρχισαν τὴν πρωίαν τῆς Κυριακῆς αἱ ἐργασίαι τοῦ συνεδρίου τῶν ἀντιπροσώπων τῶν ἐργατικῶν σωματείων Θεσσαλονίκης. Μετὰ τὰς ψηφοφορίας ἐξελέγη ἡ νέα διοίκησις τοῦ Ἐργατικοῦ Κέντρου.

Η ΝΕΑ ΔΙΟΙΚΗΣΙΣ

Ἠρχισαν τὴν πρωίαν τῆς Κυριακῆς αἱ ἐργασίαι τοῦ συνεδρίου τῶν ἀντιπροσώπων τῶν ἐργατικῶν σωματείων Θεσσαλονίκης. Μετὰ τὰς ψηφοφορίας ἐξελέγη ἡ νέα διοίκησις τοῦ Ἐργατικοῦ Κέντρου.

Ἠρχισαν τὴν πρωίαν τῆς Κυριακῆς αἱ ἐργασίαι τοῦ συνεδρίου τῶν ἀντιπροσώπων τῶν ἐργατικῶν σωματείων Θεσσαλονίκης. Μετὰ τὰς ψηφοφορίας ἐξελέγη ἡ νέα διοίκησις τοῦ Ἐργατικοῦ Κέντρου.

ΠΑΝΕΛΛΗΝΙΟΝ ΣΥΝΕΔΡΙΟΝ ΤΩΝ ΑΡΤΟΠΟΙΩΝ ΕΙΣ ΤΑ ΙΩΑΝΝΙΝΑ

ΑΘΗΝΑΙ, 29.— Συνέρχεται τὴν Κυριακὴν εἰς Ἰωάννινα τὸ πανελλήνιον συνέδριον τῶν ἀρτοποιῶν.

ΑΠΕΡΓΟΥΝ ΟΙ ΕΡΓΑΤΑΙ ΤΩΝ ΜΕΤΑΛΛΕΙΩΝ ΣΚΑΛΙΣΤΗΡΙ
Η ΘΕΣΙΣ ΤΗΣ Γ.Σ.Ε.Ε.

ΔΡΑΜΑ, 29.— Κηρύσσουν ἀπεργίαν οἱ ἐργάται τῶν μεταλλείων Σκαλιστήρι ζητοῦντες αὔξησιν ἡμερομισθίων.

110 ΔΑΣΙΚΟΙ ΥΠΑΛΛΗΛΟΙ ΜΕΤΕΣΧΟΝ ΤΟΥ ΣΕΜΙΝΑΡΙΟΥ ΤΩΝ ΙΩΑΝΝΙΝΩΝ

ΙΩΑΝΝΙΝΑ, 29.— Ἔληξεν τὸ σεμινάριον τῶν δασικῶν ὑπαλλήλων εἰς τὸ ὁποῖον μετέσχον 110.

ΕΤΑΦΗ ΖΩΝ ΥΠΟ ΤΟΥ ΟΓΚΟΥ ΑΝΘΡΑΚΙΤΟΥ

ΔΡΑΜΑ, 29.— Ἐργάτης ἐτάφη ζῶν ὑπὸ ὄγκου ἀνθρακίτου κατὰ τὴν ἐκφόρτωσιν.

ΑΝΑΖΗΤΟΥΝΤΑΙ ΚΛΗΡΟΝΟΜΟΙ

Ἀναζητοῦνται οἱ κληρονόμοι τοῦ ἀποβιώσαντος εἰς Ἀμερικὴν ὁμογενοῦς.

ΕΛΑΧΙΣΤΑΙ ΠΟΣΟΤΗΤΕΣ ΚΑΠΝΩΝ ΑΠΕΜΕΙΝΑΝ ΕΙΣ ΤΑΣ ΠΕΡΙΟΧΑΣ ΤΗΣ ΒΟΡΕΙΟΥ ΕΛΛΑΔΟΣ

Ἐξ ἀνακοινώσεως τοῦ Καπνικοῦ Ὀργανισμοῦ προκύπτει ὅτι ἐλάχισται ποσότητες καπνῶν παρέμειναν ἀδιάθετοι.

ΑΓΟΡΑΙ ΕΙΣ ΔΡΑΜΑΝ

Ἐξ ἀνακοινώσεως τοῦ Καπνικοῦ Ὀργανισμοῦ προκύπτει ὅτι ἐλάχισται ποσότητες καπνῶν παρέμειναν ἀδιάθετοι.

Ἐξ ἀνακοινώσεως τοῦ Καπνικοῦ Ὀργανισμοῦ προκύπτει ὅτι ἐλάχισται ποσότητες καπνῶν παρέμειναν ἀδιάθετοι.

Ἐξ ἀνακοινώσεως τοῦ Καπνικοῦ Ὀργανισμοῦ προκύπτει ὅτι ἐλάχισται ποσότητες καπνῶν παρέμειναν ἀδιάθετοι.

ΜΙΚΡΑΙ ΕΡΓΑΤΙΚΑΙ ΕΙΔΗΣΕΙΣ

Ἐπαρχιακαὶ ἐργατικαὶ ὀργανώσεις θὰ συνέλθουν προσεχῶς εἰς σύσκεψιν.

ΕΡΓΑΤΙΚΑΙ ΣΥΝΕΛΕΥΣΕΙΣ

Συνέρχεται εἰς γενικὴν συνέλευσιν τὸ σωματεῖον τῶν καπνεργατῶν.

ΧΑΛΑΖΑ ΜΙΚΡΟΥ ΜΕΓΕΘΟΥΣ ΕΠΕΣΕΝ ΕΙΣ ΤΗΝ ΦΛΩΡΙΝΑΝ
ΚΕΡΑΥΝΟΣ ΕΦΟΝΕΥΣΕ ΠΟΙΜΕΝΑ ΕΙΣ ΤΗΝ ΚΟΜΟΤΗΝΗΝ
ΣΦΟΔΡΟΣ ΚΥΚΛΩΝ ΕΙΣ ΤΗΝ ΠΕΔΙΑΔΑ ΠΑΡΑΧΕΛΩΪΤΙΔΟΣ

Κατὰ κοινοτικὴν ἀνακοίνωσιν, χάλαζα μικροῦ μεγέθους ἔπεσε χθὲς εἰς τὴν Φλώριναν χωρὶς νὰ προκαλέσῃ ζημίας.

ΧΑΛΑΖΑ ΕΙΣ ΦΛΩΡΙΝΑΝ

Κατὰ κοινοτικὴν ἀνακοίνωσιν, χάλαζα μικροῦ μεγέθους ἔπεσε χθὲς εἰς τὴν Φλώριναν χωρὶς νὰ προκαλέσῃ ζημίας.

ΚΕΡΑΥΝΟΣ ΕΦΟΝΕΥΣΕ ΠΟΙΜΕΝΑ

Κατὰ κοινοτικὴν ἀνακοίνωσιν, χάλαζα μικροῦ μεγέθους ἔπεσε χθὲς εἰς τὴν Φλώριναν χωρὶς νὰ προκαλέσῃ ζημίας.

ΚΥΚΛΩΝ ΕΙΣ ΠΑΡΑΧΕΛΩΪΤΙΔΑ

Κατὰ κοινοτικὴν ἀνακοίνωσιν, χάλαζα μικροῦ μεγέθους ἔπεσε χθὲς εἰς τὴν Φλώριναν χωρὶς νὰ προκαλέσῃ ζημίας.

ΚΥΚΛΩΝ ΕΙΣ ΤΟ ΤΕΞΑΣ

Κατὰ κοινοτικὴν ἀνακοίνωσιν, χάλαζα μικροῦ μεγέθους ἔπεσε χθὲς εἰς τὴν Φλώριναν χωρὶς νὰ προκαλέσῃ ζημίας.

ΝΕΑΡΟΣ ΧΩΡΙΚΟΣ ΕΦΟΝΕΥΘΗ ΕΚ ΤΗΣ ΠΡΟΣΚΡΟΥΣΕΩΣ ΦΟΡΤΗΓΟΥ ΕΠΙ ΠΡΟΣΤΑΤΕΥΤΙΚΟΥ ΤΟΙΧΟΥ ΓΕΦΥΡΑΣ
ΔΩΔΕΚΑ ΤΡΑΥΜΑΤΙΑΙ ΕΞ ΑΤΥΧΗΜΑΤΩΝ ΤΟΥ 48ΩΡΟΥ

Τὴν 1ην π.μ. χθὲς ἐπὶ τῆς ὁδοῦ Ἐλευθερίου Βενιζέλου φορτηγὸν αὐτοκίνητον προσέκρουσεν ἐπὶ τοῦ προστατευτικοῦ τοίχου τῆς γεφύρας.

ΑΛΛΑ ΑΤΥΧΗΜΑΤΑ

Τὴν 1ην π.μ. χθὲς ἐπὶ τῆς ὁδοῦ Ἐλευθερίου Βενιζέλου φορτηγὸν αὐτοκίνητον προσέκρουσεν ἐπὶ τοῦ προστατευτικοῦ τοίχου τῆς γεφύρας.

ΕΙΣ ΤΗΝ ΥΠΑΙΘΡΟΝ

Τὴν 1ην π.μ. χθὲς ἐπὶ τῆς ὁδοῦ Ἐλευθερίου Βενιζέλου φορτηγὸν αὐτοκίνητον προσέκρουσεν ἐπὶ τοῦ προστατευτικοῦ τοίχου τῆς γεφύρας.

ΘΑΝΑΤΗΦΟΡΟΣ ΠΡΟΣΚΡΟΥΣΙΣ

Τὴν 1ην π.μ. χθὲς ἐπὶ τῆς ὁδοῦ Ἐλευθερίου Βενιζέλου φορτηγὸν αὐτοκίνητον προσέκρουσεν ἐπὶ τοῦ προστατευτικοῦ τοίχου τῆς γεφύρας.

ΕΙΣ ΤΗΝ ΚΑΤΕΡΙΝΗΝ

Τὴν 1ην π.μ. χθὲς ἐπὶ τῆς ὁδοῦ Ἐλευθερίου Βενιζέλου φορτηγὸν αὐτοκίνητον προσέκρουσεν ἐπὶ τοῦ προστατευτικοῦ τοίχου τῆς γεφύρας.

ΑΓΓΛΟΣ ΑΡΧΑΙΟΛΟΓΟΣ ΕΠΙΤΙΜΟΣ ΔΙΔΑ

Ἀπένειμεν τὸν τίτλον τοῦ ἐπιτίμου διδάκτορος εἰς τὸν Ἄγγλον ἀρχαιολόγον τὸ Πανεπιστήμιον Θεσσαλονίκης.

Ἀλ. Β. Κυρούς
ΗΡΧΙΣΕΝ ΕΙΣ ΑΘΗΝΑΣ ΤΟ ΠΡΩΤΟΝ ΣΕΜΙΝΑΡΙΟΝ ΔΙΑ ΤΗΝ ΟΡΓΑΝΩΣΙΝ ΕΜΠΟΡΙΚΩΝ ΕΠΙΧΕΙΡΗΣΕΩΝ

ΑΘΗΝΑΙ, 29.— Ἐπὶ τῇ βάσει προγράμματος ἤρχισεν εἰς Ἀθήνας τὸ πρῶτον σεμινάριον ὀργανώσεως ἐμπορικῶν ἐπιχειρήσεων.

ΑΘΗΝΑΙ, 29.— Ἐπὶ τῇ βάσει προγράμματος ἤρχισεν εἰς Ἀθήνας τὸ πρῶτον σεμινάριον ὀργανώσεως ἐμπορικῶν ἐπιχειρήσεων.

ΟΙ ΕΜΠΟΡΟΙ ΔΙΑ ΝΑ ΤΑΞΕΙΔΕΥΣΟΥΝ ΕΙΣ ΤΟ ΠΑΡΑΠΕΤΑΣΜΑ ΠΡΕΠΕΙ ΝΑ ΘΕΩΡΗΣΟΥΝ ΤΑ ΔΙΑΒΑΤΗΡΙΑ ΤΩΝ ΕΙΣ ΑΘΗΝΑΣ

Ὁ ἐμπορικὸς σύλλογος Θεσσαλονίκης ἀνακοινοῖ ὅτι οἱ ἔμποροι οἱ ἐπιθυμοῦντες νὰ ταξιδεύσουν πρέπει νὰ θεωρήσουν τὰ διαβατήρια εἰς Ἀθήνας.

Ὁ ἐμπορικὸς σύλλογος Θεσσαλονίκης ἀνακοινοῖ ὅτι οἱ ἔμποροι οἱ ἐπιθυμοῦντες νὰ ταξιδεύσουν πρέπει νὰ θεωρήσουν τὰ διαβατήρια εἰς Ἀθήνας.

ΕΓΚΑΙΝΙΑΖΕΤΑΙ ΤΟ ΣΑΒΒΑΤΟΝ ΕΙΣ ΤΑΣ ΑΘΗΝΑΣ ΜΟΝΙΜΟΣ ΕΚΘΕΣΙΣ ΑΙΓΥΠΤΙΑΚΩΝ ΠΡΟΪΟΝΤΩΝ

ΑΘΗΝΑΙ, 29.— Τὸ προσεχὲς Σάββατον ἐγκαινιάζεται ἡ μόνιμος ἔκθεσις αἰγυπτιακῶν προϊόντων εἰς τὰς Ἀθήνας.

ΑΘΗΝΑΙ, 29.— Τὸ προσεχὲς Σάββατον ἐγκαινιάζεται ἡ μόνιμος ἔκθεσις αἰγυπτιακῶν προϊόντων εἰς τὰς Ἀθήνας.

ΑΘΗΝΑΙ, 29.— Τὸ προσεχὲς Σάββατον ἐγκαινιάζεται ἡ μόνιμος ἔκθεσις αἰγυπτιακῶν προϊόντων εἰς τὰς Ἀθήνας.

ΑΘΗΝΑΙ, 29.— Τὸ προσεχὲς Σάββατον ἐγκαινιάζεται ἡ μόνιμος ἔκθεσις αἰγυπτιακῶν προϊόντων εἰς τὰς Ἀθήνας.

ΤΟ ΣΥΝΕΔΡΙΟΝ ΑΝΑΠΗΡΩΝ ΚΑΙ ΘΥΜΑΤΩΝ ΠΟΛΕΜΟΥ

Ἤρχισαν τὴν Κυριακὴν αἱ ἐργασίαι τοῦ συνεδρίου τῶν ἀναπήρων καὶ θυμάτων πολέμου Βορείου Ἑλλάδος.

Ἤρχισαν τὴν Κυριακὴν αἱ ἐργασίαι τοῦ συνεδρίου τῶν ἀναπήρων καὶ θυμάτων πολέμου Βορείου Ἑλλάδος.
